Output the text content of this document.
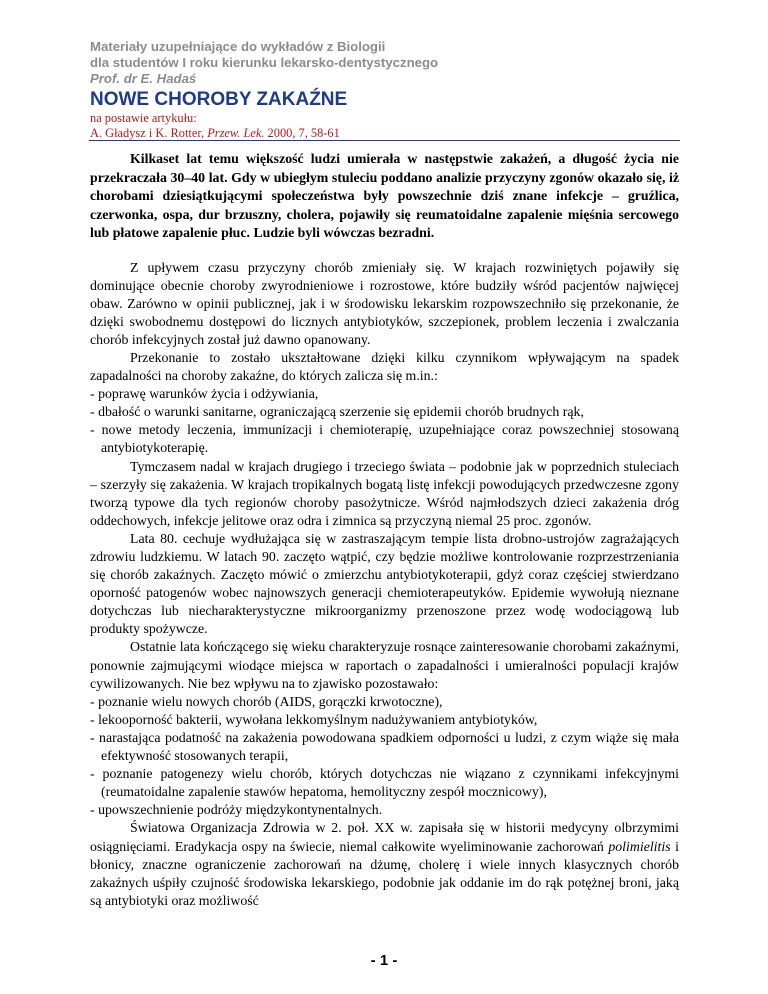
Materiały uzupełniające do wykładów z Biologii
dla studentów I roku kierunku lekarsko-dentystycznego
Prof. dr E. Hadaś
NOWE CHOROBY ZAKAŹNE
na postawie artykułu:
A. Gładysz i K. Rotter, Przew. Lek. 2000, 7, 58-61

Kilkaset lat temu większość ludzi umierała w następstwie zakażeń, a długość życia nie przekraczała 30–40 lat. Gdy w ubiegłym stuleciu poddano analizie przyczyny zgonów okazało się, iż chorobami dziesiątkującymi społeczeństwa były powszechnie dziś znane infekcje – gruźlica, czerwonka, ospa, dur brzuszny, cholera, pojawiły się reumatoidalne zapalenie mięśnia sercowego lub płatowe zapalenie płuc. Ludzie byli wówczas bezradni.

Z upływem czasu przyczyny chorób zmieniały się. W krajach rozwiniętych pojawiły się dominujące obecnie choroby zwyrodnieniowe i rozrostowe, które budziły wśród pacjentów najwięcej obaw. Zarówno w opinii publicznej, jak i w środowisku lekarskim rozpowszechniło się przekonanie, że dzięki swobodnemu dostępowi do licznych antybiotyków, szczepionek, problem leczenia i zwalczania chorób infekcyjnych został już dawno opanowany.

Przekonanie to zostało ukształtowane dzięki kilku czynnikom wpływającym na spadek zapadalności na choroby zakaźne, do których zalicza się m.in.:

- poprawę warunków życia i odżywiania,

- dbałość o warunki sanitarne, ograniczającą szerzenie się epidemii chorób brudnych rąk,

- nowe metody leczenia, immunizacji i chemioterapię, uzupełniające coraz powszechniej stosowaną antybiotykoterapię.

Tymczasem nadal w krajach drugiego i trzeciego świata – podobnie jak w poprzednich stuleciach – szerzyły się zakażenia. W krajach tropikalnych bogatą listę infekcji powodujących przedwczesne zgony tworzą typowe dla tych regionów choroby pasożytnicze. Wśród najmłodszych dzieci zakażenia dróg oddechowych, infekcje jelitowe oraz odra i zimnica są przyczyną niemal 25 proc. zgonów.

Lata 80. cechuje wydłużająca się w zastraszającym tempie lista drobno-ustrojów zagrażających zdrowiu ludzkiemu. W latach 90. zaczęto wątpić, czy będzie możliwe kontrolowanie rozprzestrzeniania się chorób zakaźnych. Zaczęto mówić o zmierzchu antybiotykoterapii, gdyż coraz częściej stwierdzano oporność patogenów wobec najnowszych generacji chemioterapeutyków. Epidemie wywołują nieznane dotychczas lub niecharakterystyczne mikroorganizmy przenoszone przez wodę wodociągową lub produkty spożywcze.

Ostatnie lata kończącego się wieku charakteryzuje rosnące zainteresowanie chorobami zakaźnymi, ponownie zajmującymi wiodące miejsca w raportach o zapadalności i umieralności populacji krajów cywilizowanych. Nie bez wpływu na to zjawisko pozostawało:

- poznanie wielu nowych chorób (AIDS, gorączki krwotoczne),

- lekooporność bakterii, wywołana lekkomyślnym nadużywaniem antybiotyków,

- narastająca podatność na zakażenia powodowana spadkiem odporności u ludzi, z czym wiąże się mała efektywność stosowanych terapii,

- poznanie patogenezy wielu chorób, których dotychczas nie wiązano z czynnikami infekcyjnymi (reumatoidalne zapalenie stawów hepatoma, hemolityczny zespół mocznicowy),

- upowszechnienie podróży międzykontynentalnych.

Światowa Organizacja Zdrowia w 2. poł. XX w. zapisała się w historii medycyny olbrzymimi osiągnięciami. Eradykacja ospy na świecie, niemal całkowite wyeliminowanie zachorowań polimielitis i błonicy, znaczne ograniczenie zachorowań na dżumę, cholerę i wiele innych klasycznych chorób zakaźnych uśpiły czujność środowiska lekarskiego, podobnie jak oddanie im do rąk potężnej broni, jaką są antybiotyki oraz możliwość

- 1 -
